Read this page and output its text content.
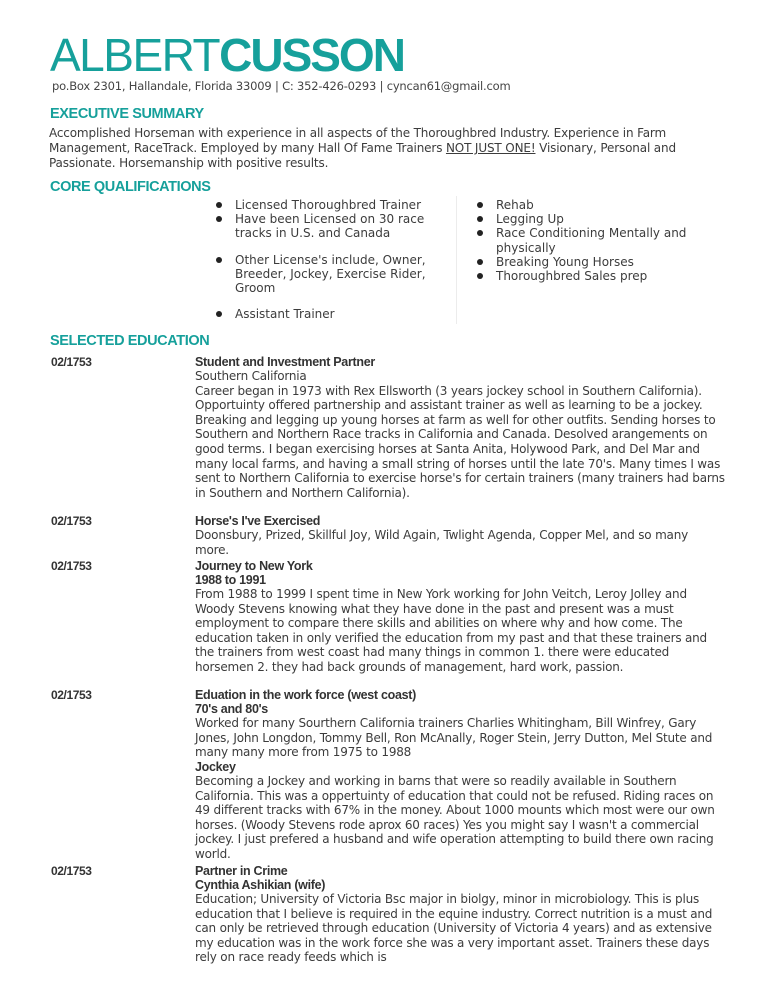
ALBERTCUSSON
po.Box 2301, Hallandale, Florida 33009 | C: 352-426-0293 | cyncan61@gmail.com
EXECUTIVE SUMMARY
Accomplished Horseman with experience in all aspects of the Thoroughbred Industry. Experience in Farm Management, RaceTrack. Employed by many Hall Of Fame Trainers NOT JUST ONE! Visionary, Personal and Passionate. Horsemanship with positive results.
CORE QUALIFICATIONS
Licensed Thoroughbred Trainer
Have been Licensed on 30 race tracks in U.S. and Canada
Other License's include, Owner, Breeder, Jockey, Exercise Rider, Groom
Assistant Trainer
Rehab
Legging Up
Race Conditioning Mentally and physically
Breaking Young Horses
Thoroughbred Sales prep
SELECTED EDUCATION
02/1753	Student and Investment Partner
Southern California
Career began in 1973 with Rex Ellsworth (3 years jockey school in Southern California). Opportuinty offered partnership and assistant trainer as well as learning to be a jockey. Breaking and legging up young horses at farm as well for other outfits. Sending horses to Southern and Northern Race tracks in California and Canada. Desolved arangements on good terms. I began exercising horses at Santa Anita, Holywood Park, and Del Mar and many local farms, and having a small string of horses until the late 70's. Many times I was sent to Northern California to exercise horse's for certain trainers (many trainers had barns in Southern and Northern California).
02/1753	Horse's I've Exercised
Doonsbury, Prized, Skillful Joy, Wild Again, Twlight Agenda, Copper Mel, and so many more.
02/1753	Journey to New York
1988 to 1991
From 1988 to 1999 I spent time in New York working for John Veitch, Leroy Jolley and Woody Stevens knowing what they have done in the past and present was a must employment to compare there skills and abilities on where why and how come. The education taken in only verified the education from my past and that these trainers and the trainers from west coast had many things in common 1. there were educated horsemen 2. they had back grounds of management, hard work, passion.
02/1753	Eduation in the work force (west coast)
70's and 80's
Worked for many Sourthern California trainers Charlies Whitingham, Bill Winfrey, Gary Jones, John Longdon, Tommy Bell, Ron McAnally, Roger Stein, Jerry Dutton, Mel Stute and many many more from 1975 to 1988
Jockey
Becoming a Jockey and working in barns that were so readily available in Southern California. This was a oppertuinty of education that could not be refused. Riding races on 49 different tracks with 67% in the money. About 1000 mounts which most were our own horses. (Woody Stevens rode aprox 60 races) Yes you might say I wasn't a commercial jockey. I just prefered a husband and wife operation attempting to build there own racing world.
02/1753	Partner in Crime
Cynthia Ashikian (wife)
Education; University of Victoria Bsc major in biolgy, minor in microbiology. This is plus education that I believe is required in the equine industry. Correct nutrition is a must and can only be retrieved through education (University of Victoria 4 years) and as extensive my education was in the work force she was a very important asset. Trainers these days rely on race ready feeds which is
